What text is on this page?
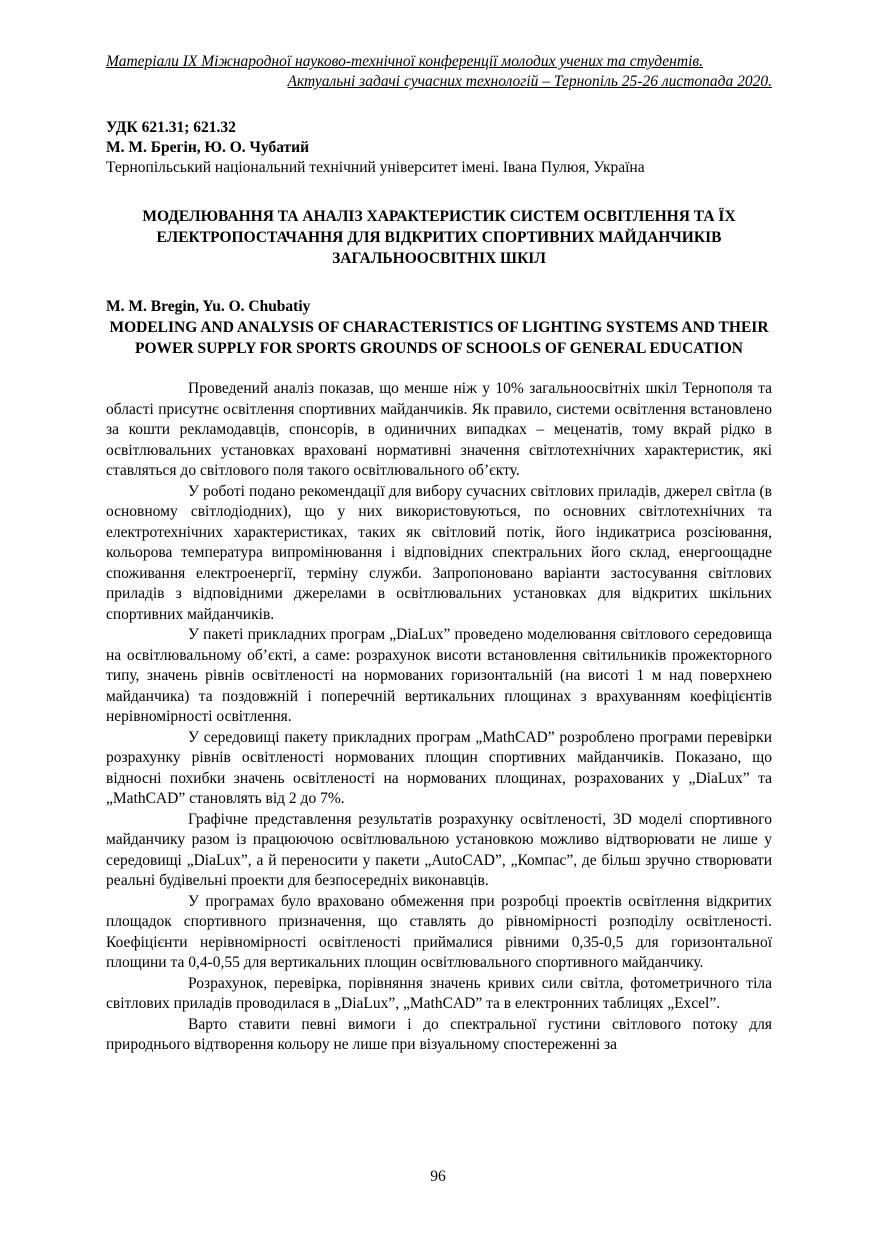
Матеріали IX Міжнародної науково-технічної конференції молодих учених та студентів.
Актуальні задачі сучасних технологій – Тернопіль 25-26 листопада 2020.
УДК 621.31; 621.32
М. М. Брегін, Ю. О. Чубатий
Тернопільський національний технічний університет імені. Івана Пулюя, Україна
МОДЕЛЮВАННЯ ТА АНАЛІЗ ХАРАКТЕРИСТИК СИСТЕМ ОСВІТЛЕННЯ ТА ЇХ ЕЛЕКТРОПОСТАЧАННЯ ДЛЯ ВІДКРИТИХ СПОРТИВНИХ МАЙДАНЧИКІВ ЗАГАЛЬНООСВІТНІХ ШКІЛ
M. M. Bregin, Yu. O. Chubatiy
MODELING AND ANALYSIS OF CHARACTERISTICS OF LIGHTING SYSTEMS AND THEIR POWER SUPPLY FOR SPORTS GROUNDS OF SCHOOLS OF GENERAL EDUCATION

Проведений аналіз показав, що менше ніж у 10% загальноосвітніх шкіл Тернополя та області присутнє освітлення спортивних майданчиків. Як правило, системи освітлення встановлено за кошти рекламодавців, спонсорів, в одиничних випадках – меценатів, тому вкрай рідко в освітлювальних установках враховані нормативні значення світлотехнічних характеристик, які ставляться до світлового поля такого освітлювального об’єкту.

У роботі подано рекомендації для вибору сучасних світлових приладів, джерел світла (в основному світлодіодних), що у них використовуються, по основних світлотехнічних та електротехнічних характеристиках, таких як світловий потік, його індикатриса розсіювання, кольорова температура випромінювання і відповідних спектральних його склад, енергоощадне споживання електроенергії, терміну служби. Запропоновано варіанти застосування світлових приладів з відповідними джерелами в освітлювальних установках для відкритих шкільних спортивних майданчиків.

У пакеті прикладних програм „DiaLux” проведено моделювання світлового середовища на освітлювальному об’єкті, а саме: розрахунок висоти встановлення світильників прожекторного типу, значень рівнів освітленості на нормованих горизонтальній (на висоті 1 м над поверхнею майданчика) та поздовжній і поперечній вертикальних площинах з врахуванням коефіцієнтів нерівномірності освітлення.

У середовищі пакету прикладних програм „MathCAD” розроблено програми перевірки розрахунку рівнів освітленості нормованих площин спортивних майданчиків. Показано, що відносні похибки значень освітленості на нормованих площинах, розрахованих у „DiaLux” та „MathCAD” становлять від 2 до 7%.

Графічне представлення результатів розрахунку освітленості, 3D моделі спортивного майданчику разом із працюючою освітлювальною установкою можливо відтворювати не лише у середовищі „DiaLux”, а й переносити у пакети „AutoCAD”, „Компас”, де більш зручно створювати реальні будівельні проекти для безпосередніх виконавців.

У програмах було враховано обмеження при розробці проектів освітлення відкритих площадок спортивного призначення, що ставлять до рівномірності розподілу освітленості. Коефіцієнти нерівномірності освітленості приймалися рівними 0,35-0,5 для горизонтальної площини та 0,4-0,55 для вертикальних площин освітлювального спортивного майданчику.

Розрахунок, перевірка, порівняння значень кривих сили світла, фотометричного тіла світлових приладів проводилася в „DiaLux”, „MathCAD” та в електронних таблицях „Excel”.

Варто ставити певні вимоги і до спектральної густини світлового потоку для природнього відтворення кольору не лише при візуальному спостереженні за

96
